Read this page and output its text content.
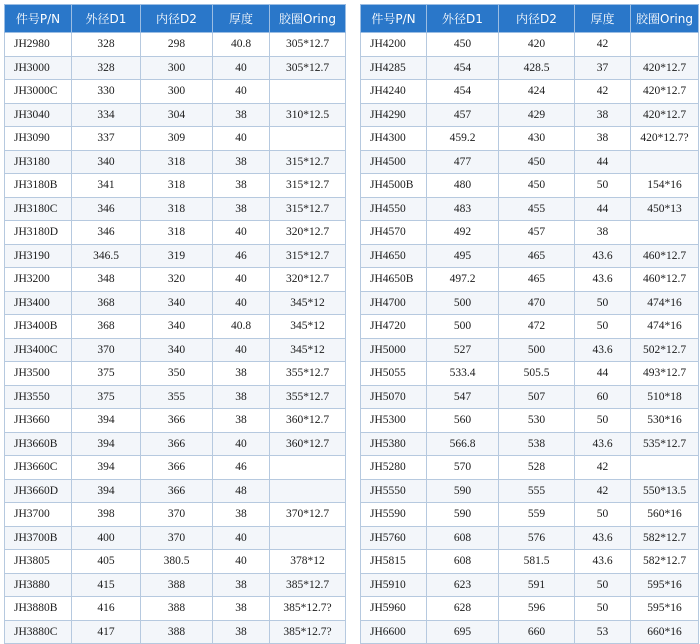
件号P/N	外径D1	内径D2	厚度	胶圈Oring
JH2980	328	298	40.8	305*12.7
JH3000	328	300	40	305*12.7
JH3000C	330	300	40	
JH3040	334	304	38	310*12.5
JH3090	337	309	40	
JH3180	340	318	38	315*12.7
JH3180B	341	318	38	315*12.7
JH3180C	346	318	38	315*12.7
JH3180D	346	318	40	320*12.7
JH3190	346.5	319	46	315*12.7
JH3200	348	320	40	320*12.7
JH3400	368	340	40	345*12
JH3400B	368	340	40.8	345*12
JH3400C	370	340	40	345*12
JH3500	375	350	38	355*12.7
JH3550	375	355	38	355*12.7
JH3660	394	366	38	360*12.7
JH3660B	394	366	40	360*12.7
JH3660C	394	366	46	
JH3660D	394	366	48	
JH3700	398	370	38	370*12.7
JH3700B	400	370	40	
JH3805	405	380.5	40	378*12
JH3880	415	388	38	385*12.7
JH3880B	416	388	38	385*12.7?
JH3880C	417	388	38	385*12.7?
件号P/N	外径D1	内径D2	厚度	胶圈Oring
JH4200	450	420	42	
JH4285	454	428.5	37	420*12.7
JH4240	454	424	42	420*12.7
JH4290	457	429	38	420*12.7
JH4300	459.2	430	38	420*12.7?
JH4500	477	450	44	
JH4500B	480	450	50	154*16
JH4550	483	455	44	450*13
JH4570	492	457	38	
JH4650	495	465	43.6	460*12.7
JH4650B	497.2	465	43.6	460*12.7
JH4700	500	470	50	474*16
JH4720	500	472	50	474*16
JH5000	527	500	43.6	502*12.7
JH5055	533.4	505.5	44	493*12.7
JH5070	547	507	60	510*18
JH5300	560	530	50	530*16
JH5380	566.8	538	43.6	535*12.7
JH5280	570	528	42	
JH5550	590	555	42	550*13.5
JH5590	590	559	50	560*16
JH5760	608	576	43.6	582*12.7
JH5815	608	581.5	43.6	582*12.7
JH5910	623	591	50	595*16
JH5960	628	596	50	595*16
JH6600	695	660	53	660*16
